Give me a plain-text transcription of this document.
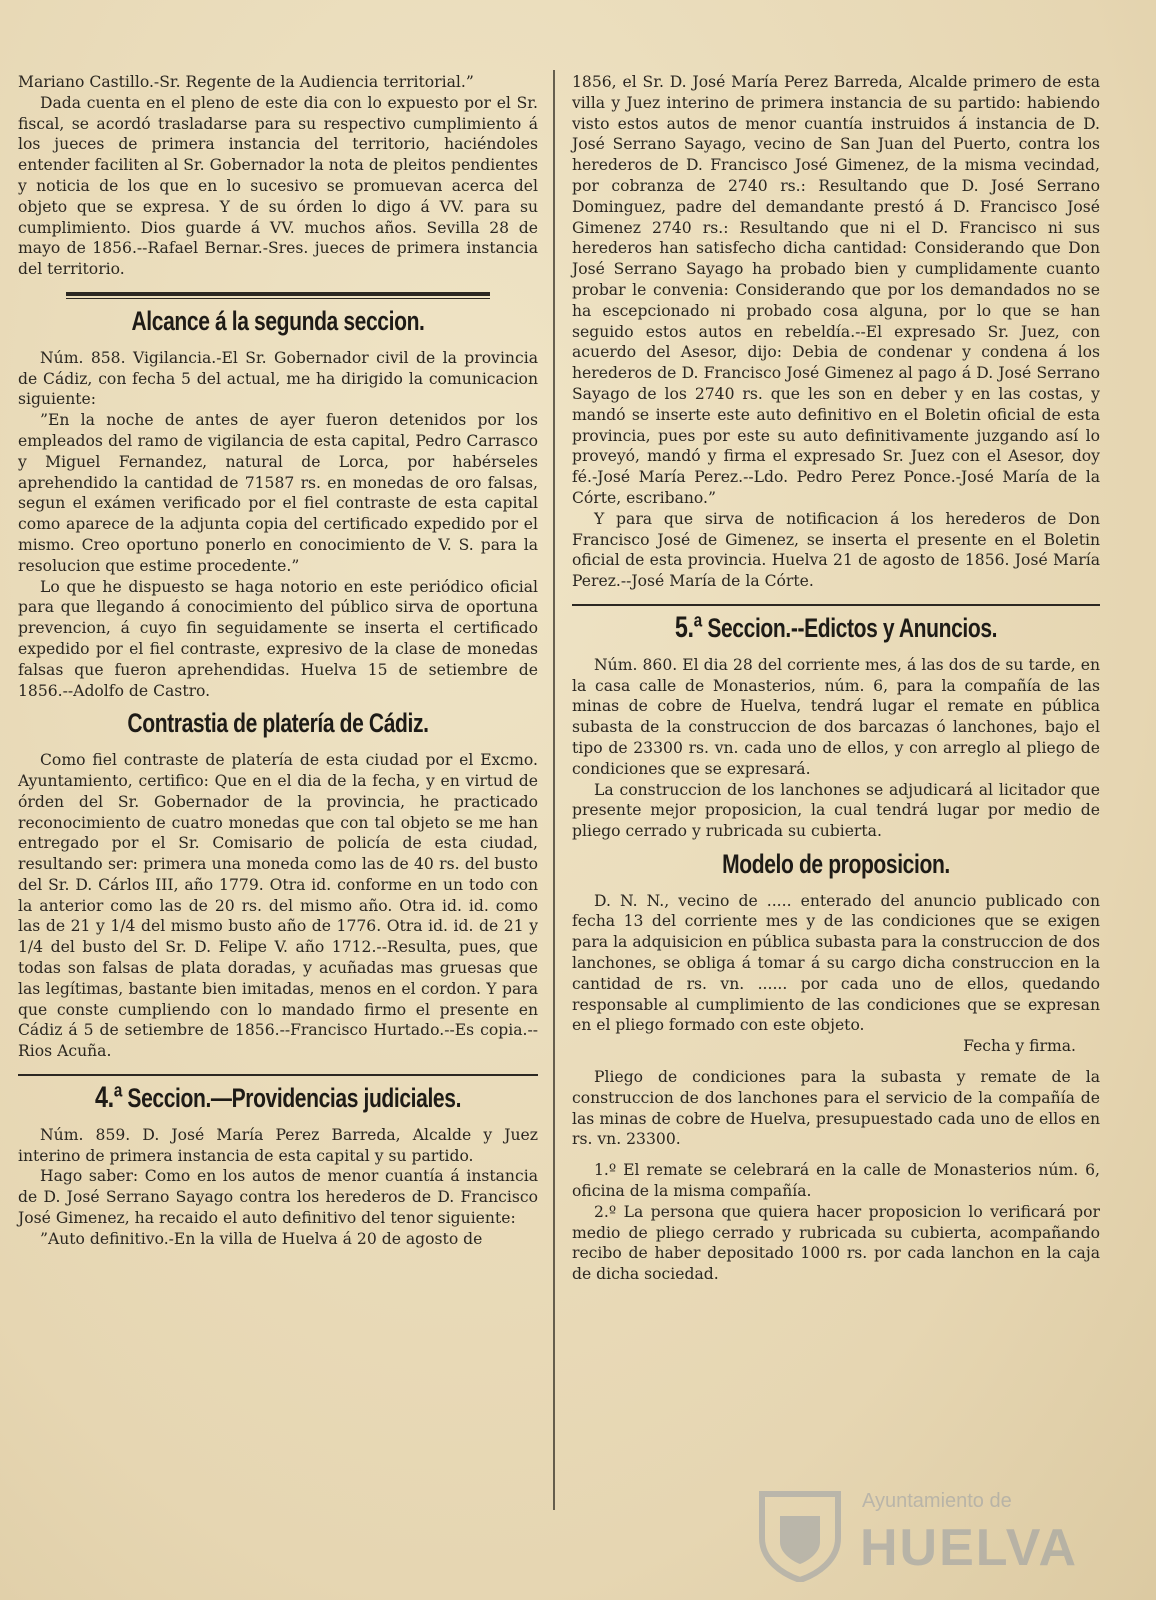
Mariano Castillo.-Sr. Regente de la Audiencia territorial.”

Dada cuenta en el pleno de este dia con lo expuesto por el Sr. fiscal, se acordó trasladarse para su respectivo cumplimiento á los jueces de primera instancia del territorio, haciéndoles entender faciliten al Sr. Gobernador la nota de pleitos pendientes y noticia de los que en lo sucesivo se promuevan acerca del objeto que se expresa. Y de su órden lo digo á VV. para su cumplimiento. Dios guarde á VV. muchos años. Sevilla 28 de mayo de 1856.--Rafael Bernar.-Sres. jueces de primera instancia del territorio.

Alcance á la segunda seccion.

Núm. 858. Vigilancia.-El Sr. Gobernador civil de la provincia de Cádiz, con fecha 5 del actual, me ha dirigido la comunicacion siguiente:

”En la noche de antes de ayer fueron detenidos por los empleados del ramo de vigilancia de esta capital, Pedro Carrasco y Miguel Fernandez, natural de Lorca, por habérseles aprehendido la cantidad de 71587 rs. en monedas de oro falsas, segun el exámen verificado por el fiel contraste de esta capital como aparece de la adjunta copia del certificado expedido por el mismo. Creo oportuno ponerlo en conocimiento de V. S. para la resolucion que estime procedente.”

Lo que he dispuesto se haga notorio en este periódico oficial para que llegando á conocimiento del público sirva de oportuna prevencion, á cuyo fin seguidamente se inserta el certificado expedido por el fiel contraste, expresivo de la clase de monedas falsas que fueron aprehendidas. Huelva 15 de setiembre de 1856.--Adolfo de Castro.

Contrastia de platería de Cádiz.

Como fiel contraste de platería de esta ciudad por el Excmo. Ayuntamiento, certifico: Que en el dia de la fecha, y en virtud de órden del Sr. Gobernador de la provincia, he practicado reconocimiento de cuatro monedas que con tal objeto se me han entregado por el Sr. Comisario de policía de esta ciudad, resultando ser: primera una moneda como las de 40 rs. del busto del Sr. D. Cárlos III, año 1779. Otra id. conforme en un todo con la anterior como las de 20 rs. del mismo año. Otra id. id. como las de 21 y 1/4 del mismo busto año de 1776. Otra id. id. de 21 y 1/4 del busto del Sr. D. Felipe V. año 1712.--Resulta, pues, que todas son falsas de plata doradas, y acuñadas mas gruesas que las legítimas, bastante bien imitadas, menos en el cordon. Y para que conste cumpliendo con lo mandado firmo el presente en Cádiz á 5 de setiembre de 1856.--Francisco Hurtado.--Es copia.--Rios Acuña.

4.ª Seccion.—Providencias judiciales.

Núm. 859. D. José María Perez Barreda, Alcalde y Juez interino de primera instancia de esta capital y su partido.

Hago saber: Como en los autos de menor cuantía á instancia de D. José Serrano Sayago contra los herederos de D. Francisco José Gimenez, ha recaido el auto definitivo del tenor siguiente:

”Auto definitivo.-En la villa de Huelva á 20 de agosto de

1856, el Sr. D. José María Perez Barreda, Alcalde primero de esta villa y Juez interino de primera instancia de su partido: habiendo visto estos autos de menor cuantía instruidos á instancia de D. José Serrano Sayago, vecino de San Juan del Puerto, contra los herederos de D. Francisco José Gimenez, de la misma vecindad, por cobranza de 2740 rs.: Resultando que D. José Serrano Dominguez, padre del demandante prestó á D. Francisco José Gimenez 2740 rs.: Resultando que ni el D. Francisco ni sus herederos han satisfecho dicha cantidad: Considerando que Don José Serrano Sayago ha probado bien y cumplidamente cuanto probar le convenia: Considerando que por los demandados no se ha escepcionado ni probado cosa alguna, por lo que se han seguido estos autos en rebeldía.--El expresado Sr. Juez, con acuerdo del Asesor, dijo: Debia de condenar y condena á los herederos de D. Francisco José Gimenez al pago á D. José Serrano Sayago de los 2740 rs. que les son en deber y en las costas, y mandó se inserte este auto definitivo en el Boletin oficial de esta provincia, pues por este su auto definitivamente juzgando así lo proveyó, mandó y firma el expresado Sr. Juez con el Asesor, doy fé.-José María Perez.--Ldo. Pedro Perez Ponce.-José María de la Córte, escribano.”

Y para que sirva de notificacion á los herederos de Don Francisco José de Gimenez, se inserta el presente en el Boletin oficial de esta provincia. Huelva 21 de agosto de 1856. José María Perez.--José María de la Córte.

5.ª Seccion.--Edictos y Anuncios.

Núm. 860. El dia 28 del corriente mes, á las dos de su tarde, en la casa calle de Monasterios, núm. 6, para la compañía de las minas de cobre de Huelva, tendrá lugar el remate en pública subasta de la construccion de dos barcazas ó lanchones, bajo el tipo de 23300 rs. vn. cada uno de ellos, y con arreglo al pliego de condiciones que se expresará.

La construccion de los lanchones se adjudicará al licitador que presente mejor proposicion, la cual tendrá lugar por medio de pliego cerrado y rubricada su cubierta.

Modelo de proposicion.

D. N. N., vecino de ..... enterado del anuncio publicado con fecha 13 del corriente mes y de las condiciones que se exigen para la adquisicion en pública subasta para la construccion de dos lanchones, se obliga á tomar á su cargo dicha construccion en la cantidad de rs. vn. ...... por cada uno de ellos, quedando responsable al cumplimiento de las condiciones que se expresan en el pliego formado con este objeto.

Fecha y firma.

Pliego de condiciones para la subasta y remate de la construccion de dos lanchones para el servicio de la compañía de las minas de cobre de Huelva, presupuestado cada uno de ellos en rs. vn. 23300.

1.º El remate se celebrará en la calle de Monasterios núm. 6, oficina de la misma compañía.

2.º La persona que quiera hacer proposicion lo verificará por medio de pliego cerrado y rubricada su cubierta, acompañando recibo de haber depositado 1000 rs. por cada lanchon en la caja de dicha sociedad.

Ayuntamiento de
HUELVA
